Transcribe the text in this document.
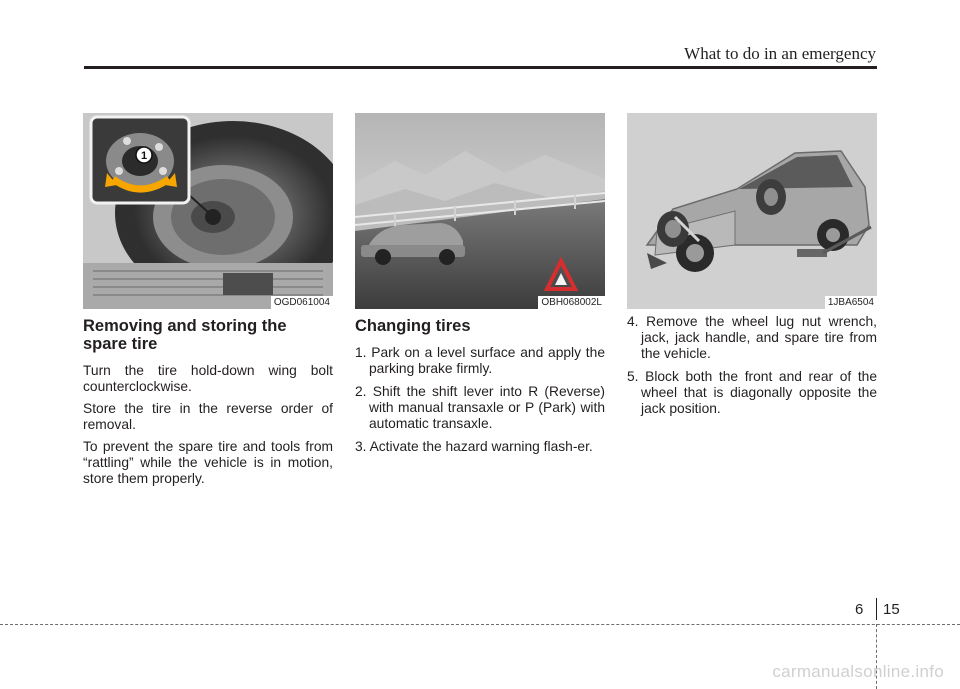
What to do in an emergency
1
OGD061004
Removing and storing the spare tire

Turn the tire hold-down wing bolt counterclockwise.

Store the tire in the reverse order of removal.

To prevent the spare tire and tools from “rattling” while the vehicle is in motion, store them properly.

OBH068002L
Changing tires
1. Park on a level surface and apply the parking brake firmly.
2. Shift the shift lever into R (Reverse) with manual transaxle or P (Park) with automatic transaxle.
3. Activate the hazard warning flash-er.
1JBA6504
4. Remove the wheel lug nut wrench, jack, jack handle, and spare tire from the vehicle.
5. Block both the front and rear of the wheel that is diagonally opposite the jack position.
6 15
carmanualsonline.info
